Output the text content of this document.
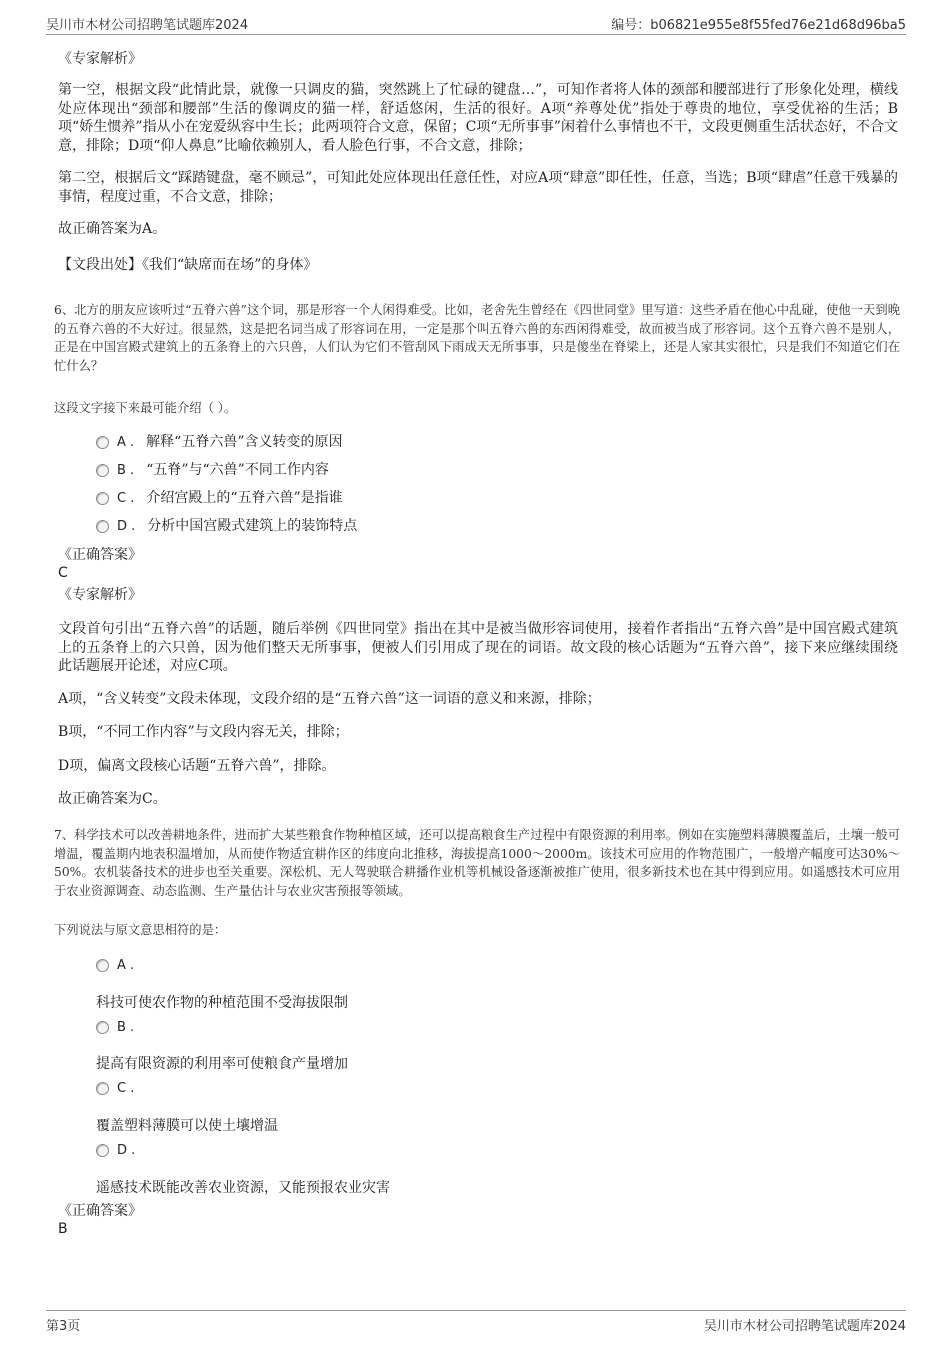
吴川市木材公司招聘笔试题库2024	编号：b06821e955e8f55fed76e21d68d96ba5

《专家解析》

第一空，根据文段“此情此景，就像一只调皮的猫，突然跳上了忙碌的键盘…”，可知作者将人体的颈部和腰部进行了形象化处理，横线处应体现出“颈部和腰部”生活的像调皮的猫一样，舒适悠闲，生活的很好。A项“养尊处优”指处于尊贵的地位，享受优裕的生活；B项“娇生惯养”指从小在宠爱纵容中生长；此两项符合文意，保留；C项“无所事事”闲着什么事情也不干，文段更侧重生活状态好，不合文意，排除；D项“仰人鼻息”比喻依赖别人，看人脸色行事，不合文意，排除；

第二空，根据后文“踩踏键盘，毫不顾忌”，可知此处应体现出任意任性，对应A项“肆意”即任性，任意，当选；B项“肆虐”任意干残暴的事情，程度过重，不合文意，排除；

故正确答案为A。

【文段出处】《我们“缺席而在场”的身体》

6、北方的朋友应该听过“五脊六兽”这个词，那是形容一个人闲得难受。比如，老舍先生曾经在《四世同堂》里写道：这些矛盾在他心中乱碰，使他一天到晚的五脊六兽的不大好过。很显然，这是把名词当成了形容词在用，一定是那个叫五脊六兽的东西闲得难受，故而被当成了形容词。这个五脊六兽不是别人，正是在中国宫殿式建筑上的五条脊上的六只兽，人们认为它们不管刮风下雨成天无所事事，只是傻坐在脊梁上，还是人家其实很忙，只是我们不知道它们在忙什么？

这段文字接下来最可能介绍（ ）。

A . 解释“五脊六兽”含义转变的原因
B . “五脊”与“六兽”不同工作内容
C . 介绍宫殿上的“五脊六兽”是指谁
D . 分析中国宫殿式建筑上的装饰特点

《正确答案》

C

《专家解析》

文段首句引出“五脊六兽”的话题，随后举例《四世同堂》指出在其中是被当做形容词使用，接着作者指出“五脊六兽”是中国宫殿式建筑上的五条脊上的六只兽，因为他们整天无所事事，便被人们引用成了现在的词语。故文段的核心话题为“五脊六兽”，接下来应继续围绕此话题展开论述，对应C项。

A项，“含义转变”文段未体现，文段介绍的是“五脊六兽”这一词语的意义和来源，排除；

B项，“不同工作内容”与文段内容无关，排除；

D项，偏离文段核心话题“五脊六兽”，排除。

故正确答案为C。

7、科学技术可以改善耕地条件，进而扩大某些粮食作物种植区域，还可以提高粮食生产过程中有限资源的利用率。例如在实施塑料薄膜覆盖后，土壤一般可增温，覆盖期内地表积温增加，从而使作物适宜耕作区的纬度向北推移，海拔提高1000～2000m。该技术可应用的作物范围广，一般增产幅度可达30%～50%。农机装备技术的进步也至关重要。深松机、无人驾驶联合耕播作业机等机械设备逐渐被推广使用，很多新技术也在其中得到应用。如遥感技术可应用于农业资源调查、动态监测、生产量估计与农业灾害预报等领域。

下列说法与原文意思相符的是：

A .

科技可使农作物的种植范围不受海拔限制

B .

提高有限资源的利用率可使粮食产量增加

C .

覆盖塑料薄膜可以使土壤增温

D .

遥感技术既能改善农业资源，又能预报农业灾害

《正确答案》

B

第3页	吴川市木材公司招聘笔试题库2024
